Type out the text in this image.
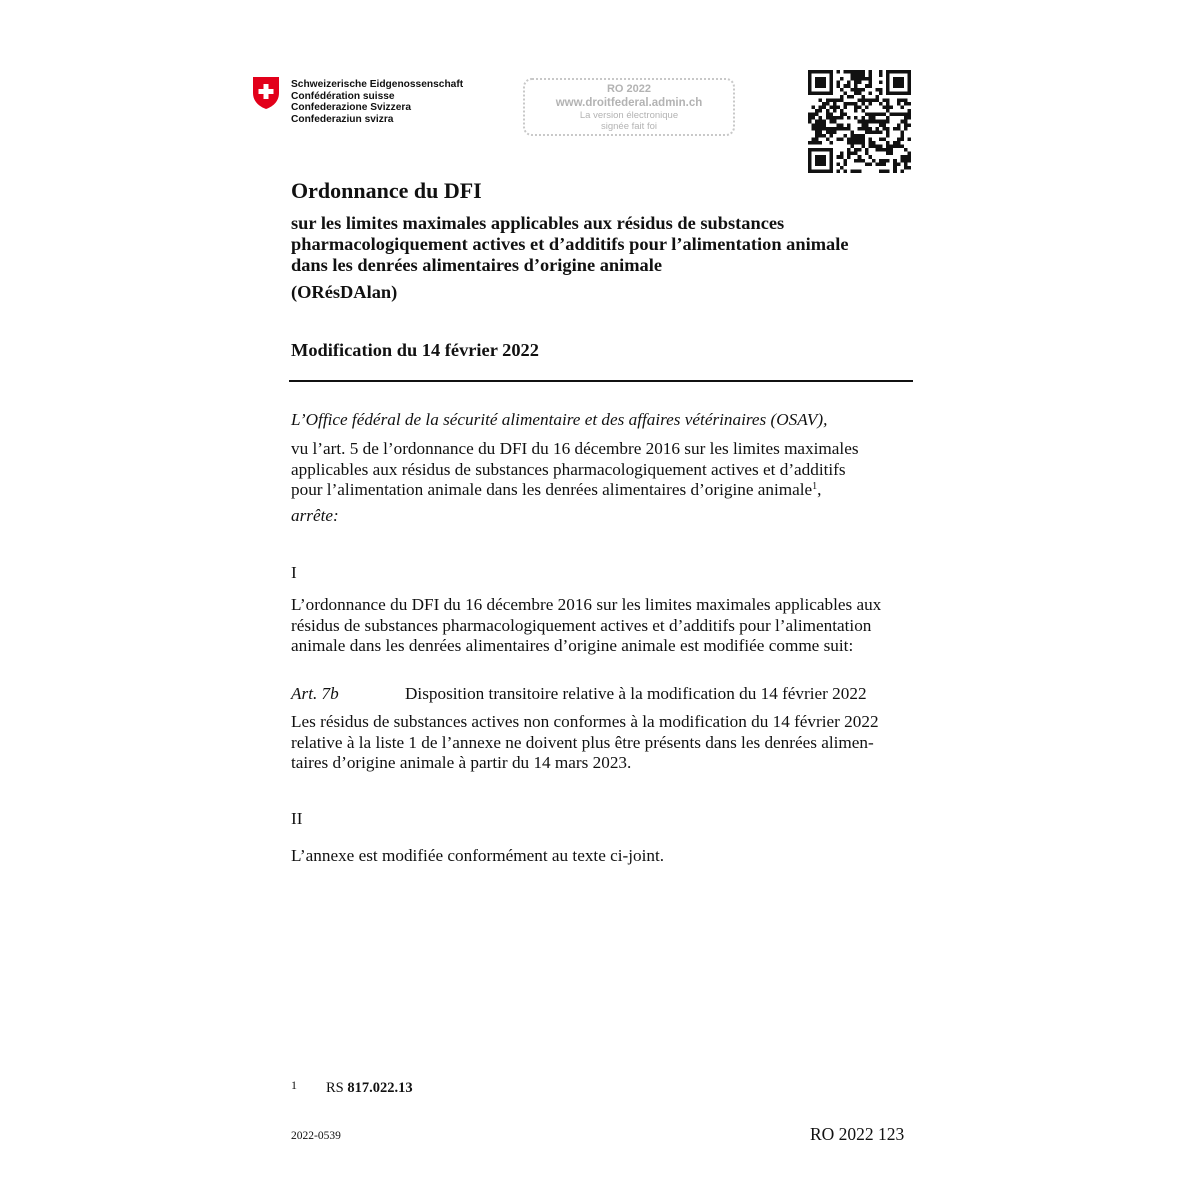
Schweizerische Eidgenossenschaft
Confédération suisse
Confederazione Svizzera
Confederaziun svizra
RO 2022
www.droitfederal.admin.ch
La version électronique
signée fait foi
Ordonnance du DFI
sur les limites maximales applicables aux résidus de substances
pharmacologiquement actives et d’additifs pour l’alimentation animale
dans les denrées alimentaires d’origine animale
(ORésDAlan)
Modification du 14 février 2022
L’Office fédéral de la sécurité alimentaire et des affaires vétérinaires (OSAV),
vu l’art. 5 de l’ordonnance du DFI du 16 décembre 2016 sur les limites maximales
applicables aux résidus de substances pharmacologiquement actives et d’additifs
pour l’alimentation animale dans les denrées alimentaires d’origine animale$^1$,
arrête:
I
L’ordonnance du DFI du 16 décembre 2016 sur les limites maximales applicables aux
résidus de substances pharmacologiquement actives et d’additifs pour l’alimentation
animale dans les denrées alimentaires d’origine animale est modifiée comme suit:
Art. 7b	Disposition transitoire relative à la modification du 14 février 2022
Les résidus de substances actives non conformes à la modification du 14 février 2022
relative à la liste 1 de l’annexe ne doivent plus être présents dans les denrées alimen-
taires d’origine animale à partir du 14 mars 2023.
II
L’annexe est modifiée conformément au texte ci-joint.
1 RS 817.022.13
2022-0539	RO 2022 123
